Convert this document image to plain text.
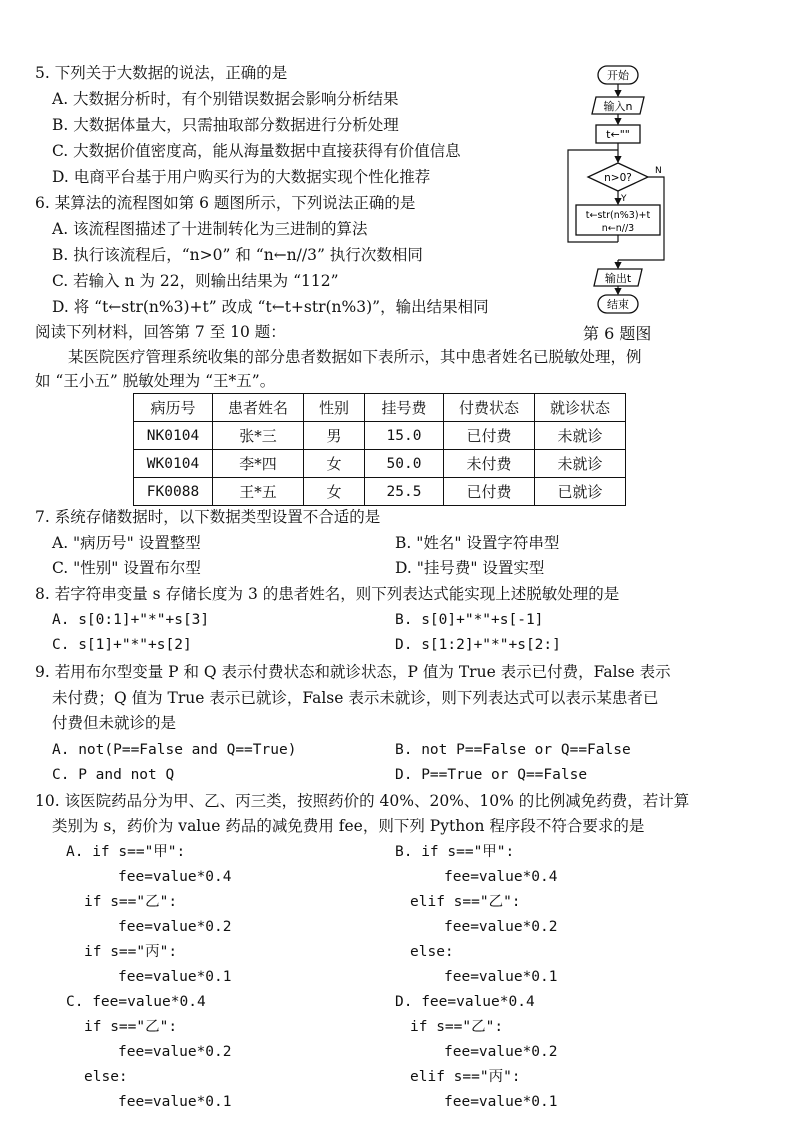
5. 下列关于大数据的说法，正确的是
A. 大数据分析时，有个别错误数据会影响分析结果
B. 大数据体量大，只需抽取部分数据进行分析处理
C. 大数据价值密度高，能从海量数据中直接获得有价值信息
D. 电商平台基于用户购买行为的大数据实现个性化推荐
6. 某算法的流程图如第 6 题图所示，下列说法正确的是
A. 该流程图描述了十进制转化为三进制的算法
B. 执行该流程后，“n>0” 和 “n←n//3” 执行次数相同
C. 若输入 n 为 22，则输出结果为 “112”
D. 将 “t←str(n%3)+t” 改成 “t←t+str(n%3)”，输出结果相同
开始
输入n
t←""
n>0?
N
Y
t←str(n%3)+t
n←n//3
输出t
结束
第 6 题图
阅读下列材料，回答第 7 至 10 题：
某医院医疗管理系统收集的部分患者数据如下表所示，其中患者姓名已脱敏处理，例
如 “王小五” 脱敏处理为 “王*五”。
病历号	患者姓名	性别	挂号费	付费状态	就诊状态
NK0104	张*三	男	15.0	已付费	未就诊
WK0104	李*四	女	50.0	未付费	未就诊
FK0088	王*五	女	25.5	已付费	已就诊
7. 系统存储数据时，以下数据类型设置不合适的是
A. "病历号" 设置整型	B. "姓名" 设置字符串型
C. "性别" 设置布尔型	D. "挂号费" 设置实型
8. 若字符串变量 s 存储长度为 3 的患者姓名，则下列表达式能实现上述脱敏处理的是
A. s[0:1]+"*"+s[3]	B. s[0]+"*"+s[-1]
C. s[1]+"*"+s[2]	D. s[1:2]+"*"+s[2:]
9. 若用布尔型变量 P 和 Q 表示付费状态和就诊状态，P 值为 True 表示已付费，False 表示
未付费；Q 值为 True 表示已就诊，False 表示未就诊，则下列表达式可以表示某患者已
付费但未就诊的是
A. not(P==False and Q==True)	B. not P==False or Q==False
C. P and not Q	D. P==True or Q==False
10. 该医院药品分为甲、乙、丙三类，按照药价的 40%、20%、10% 的比例减免药费，若计算
类别为 s，药价为 value 药品的减免费用 fee，则下列 Python 程序段不符合要求的是
A. if s=="甲":
fee=value*0.4
if s=="乙":
fee=value*0.2
if s=="丙":
fee=value*0.1
B. if s=="甲":
fee=value*0.4
elif s=="乙":
fee=value*0.2
else:
fee=value*0.1
C. fee=value*0.4
if s=="乙":
fee=value*0.2
else:
fee=value*0.1
D. fee=value*0.4
if s=="乙":
fee=value*0.2
elif s=="丙":
fee=value*0.1
